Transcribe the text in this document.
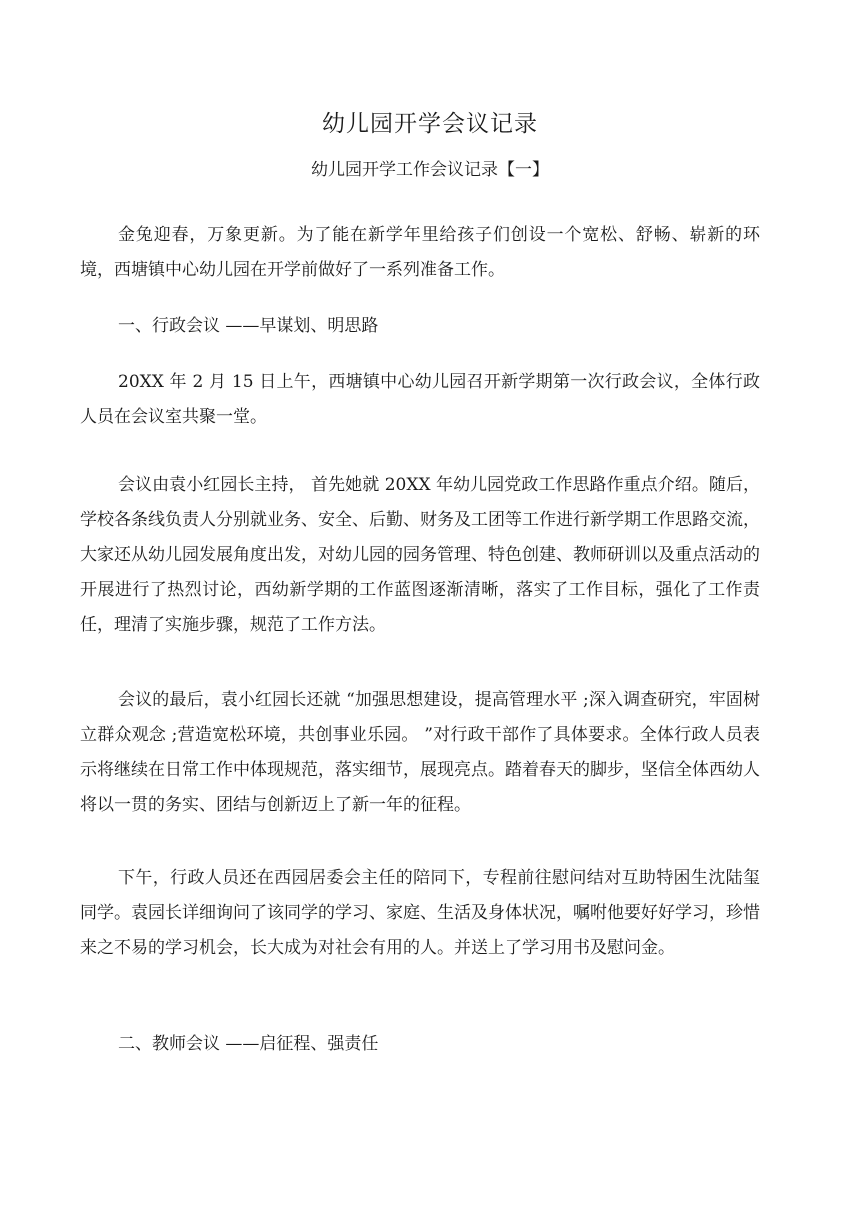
幼儿园开学会议记录
幼儿园开学工作会议记录【一】

金兔迎春，万象更新。为了能在新学年里给孩子们创设一个宽松、舒畅、崭新的环境，西塘镇中心幼儿园在开学前做好了一系列准备工作。

一、行政会议 ——早谋划、明思路

20XX 年 2 月 15 日上午，西塘镇中心幼儿园召开新学期第一次行政会议，全体行政人员在会议室共聚一堂。

会议由袁小红园长主持， 首先她就 20XX 年幼儿园党政工作思路作重点介绍。随后，学校各条线负责人分别就业务、安全、后勤、财务及工团等工作进行新学期工作思路交流，大家还从幼儿园发展角度出发，对幼儿园的园务管理、特色创建、教师研训以及重点活动的开展进行了热烈讨论，西幼新学期的工作蓝图逐渐清晰，落实了工作目标，强化了工作责任，理清了实施步骤，规范了工作方法。

会议的最后，袁小红园长还就 “加强思想建设，提高管理水平 ;深入调查研究，牢固树立群众观念 ;营造宽松环境，共创事业乐园。 ”对行政干部作了具体要求。全体行政人员表示将继续在日常工作中体现规范，落实细节，展现亮点。踏着春天的脚步，坚信全体西幼人将以一贯的务实、团结与创新迈上了新一年的征程。

下午，行政人员还在西园居委会主任的陪同下，专程前往慰问结对互助特困生沈陆玺同学。袁园长详细询问了该同学的学习、家庭、生活及身体状况，嘱咐他要好好学习，珍惜来之不易的学习机会，长大成为对社会有用的人。并送上了学习用书及慰问金。

二、教师会议 ——启征程、强责任
